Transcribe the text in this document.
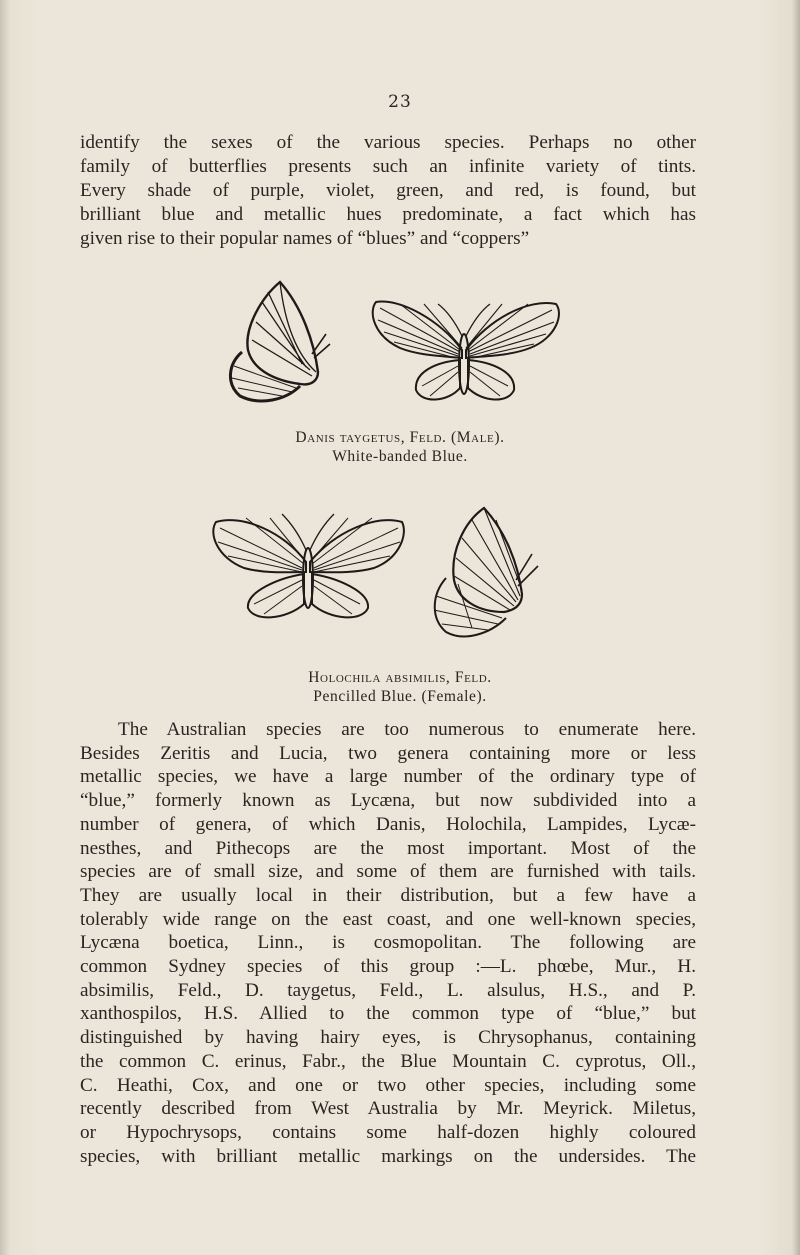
23
identify the sexes of the various species. Perhaps no other
family of butterflies presents such an infinite variety of tints.
Every shade of purple, violet, green, and red, is found, but
brilliant blue and metallic hues predominate, a fact which has
given rise to their popular names of “blues” and “coppers”
Danis taygetus, Feld. (Male).
White-banded Blue.
Holochila absimilis, Feld.
Pencilled Blue. (Female).
The Australian species are too numerous to enumerate here.
Besides Zeritis and Lucia, two genera containing more or less
metallic species, we have a large number of the ordinary type of
“blue,” formerly known as Lycæna, but now subdivided into a
number of genera, of which Danis, Holochila, Lampides, Lycæ-
nesthes, and Pithecops are the most important. Most of the
species are of small size, and some of them are furnished with tails.
They are usually local in their distribution, but a few have a
tolerably wide range on the east coast, and one well-known species,
Lycæna boetica, Linn., is cosmopolitan. The following are
common Sydney species of this group :—L. phœbe, Mur., H.
absimilis, Feld., D. taygetus, Feld., L. alsulus, H.S., and P.
xanthospilos, H.S. Allied to the common type of “blue,” but
distinguished by having hairy eyes, is Chrysophanus, containing
the common C. erinus, Fabr., the Blue Mountain C. cyprotus, Oll.,
C. Heathi, Cox, and one or two other species, including some
recently described from West Australia by Mr. Meyrick. Miletus,
or Hypochrysops, contains some half-dozen highly coloured
species, with brilliant metallic markings on the undersides. The
